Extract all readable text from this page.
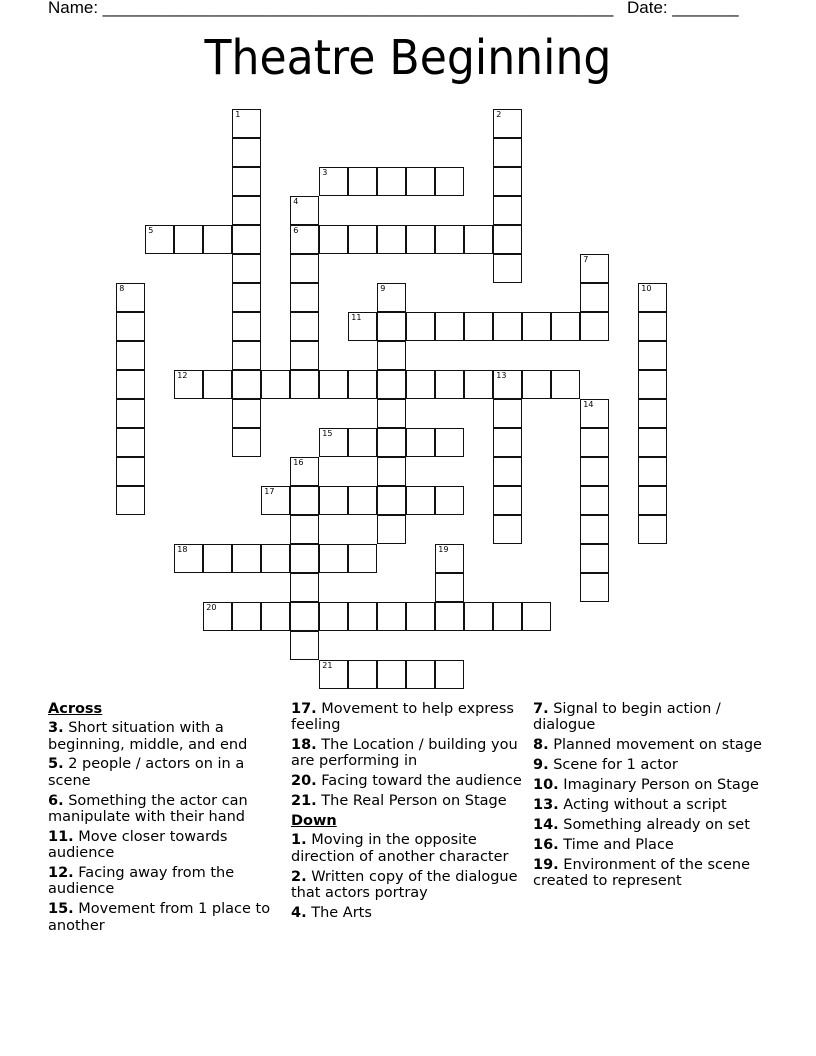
Name: ______________________________________________________ Date: _______
Theatre Beginning
1	2
3
4
6
5
7
8	9	10
11
12	13
14
15
16
17
18	19
20
21
Across
3. Short situation with a beginning, middle, and end
5. 2 people / actors on in a scene
6. Something the actor can manipulate with their hand
11. Move closer towards audience
12. Facing away from the audience
15. Movement from 1 place to another
17. Movement to help express feeling
18. The Location / building you are performing in
20. Facing toward the audience
21. The Real Person on Stage
Down
1. Moving in the opposite direction of another character
2. Written copy of the dialogue that actors portray
4. The Arts
7. Signal to begin action / dialogue
8. Planned movement on stage
9. Scene for 1 actor
10. Imaginary Person on Stage
13. Acting without a script
14. Something already on set
16. Time and Place
19. Environment of the scene created to represent
